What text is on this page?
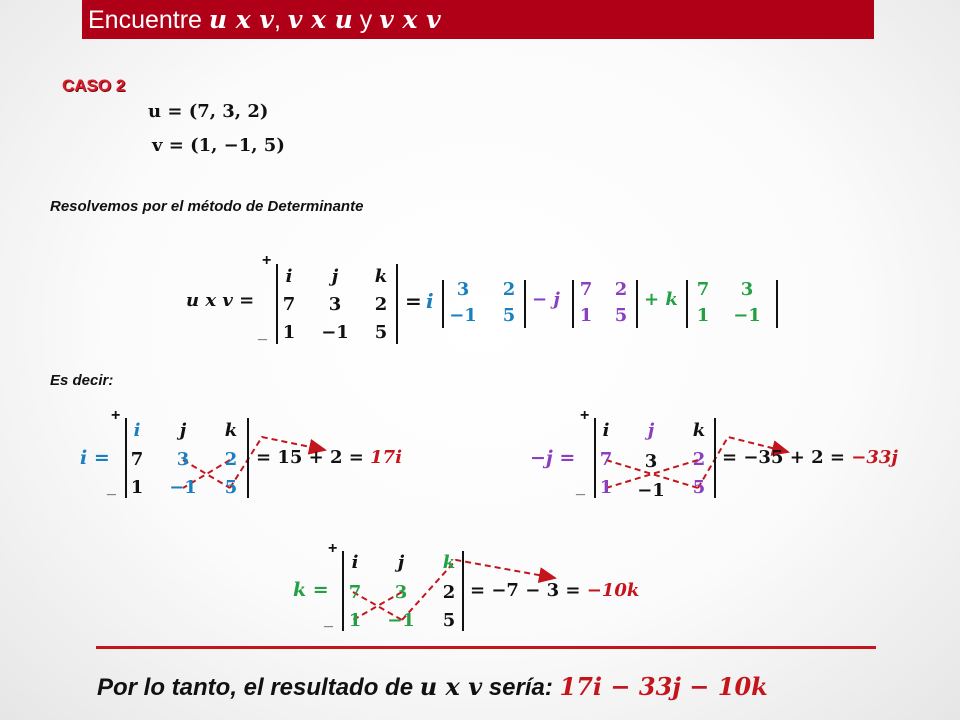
Encuentre u x v, v x u y v x v
CASO 2
u = (7, 3, 2)
v = (1, −1, 5)
Resolvemos por el método de Determinante
u x v =
+
_
i	j	k
7	3	2
1	−1	5
= i	3	2
−1	5
− j	7	2
1	5
+ k	7	3
1	−1
Es decir:
i =
+
_
i	j	k
7	3	2
1	−1	5
= 15 + 2 = 17i	−j =
+
_
i	j	k
7	3	2
1	−1	5
= −35 + 2 = −33j
k =
+
_
i	j	k
7	3	2
1	−1	5
= −7 − 3 = −10k
Por lo tanto, el resultado de u x v sería: 17i − 33j − 10k
